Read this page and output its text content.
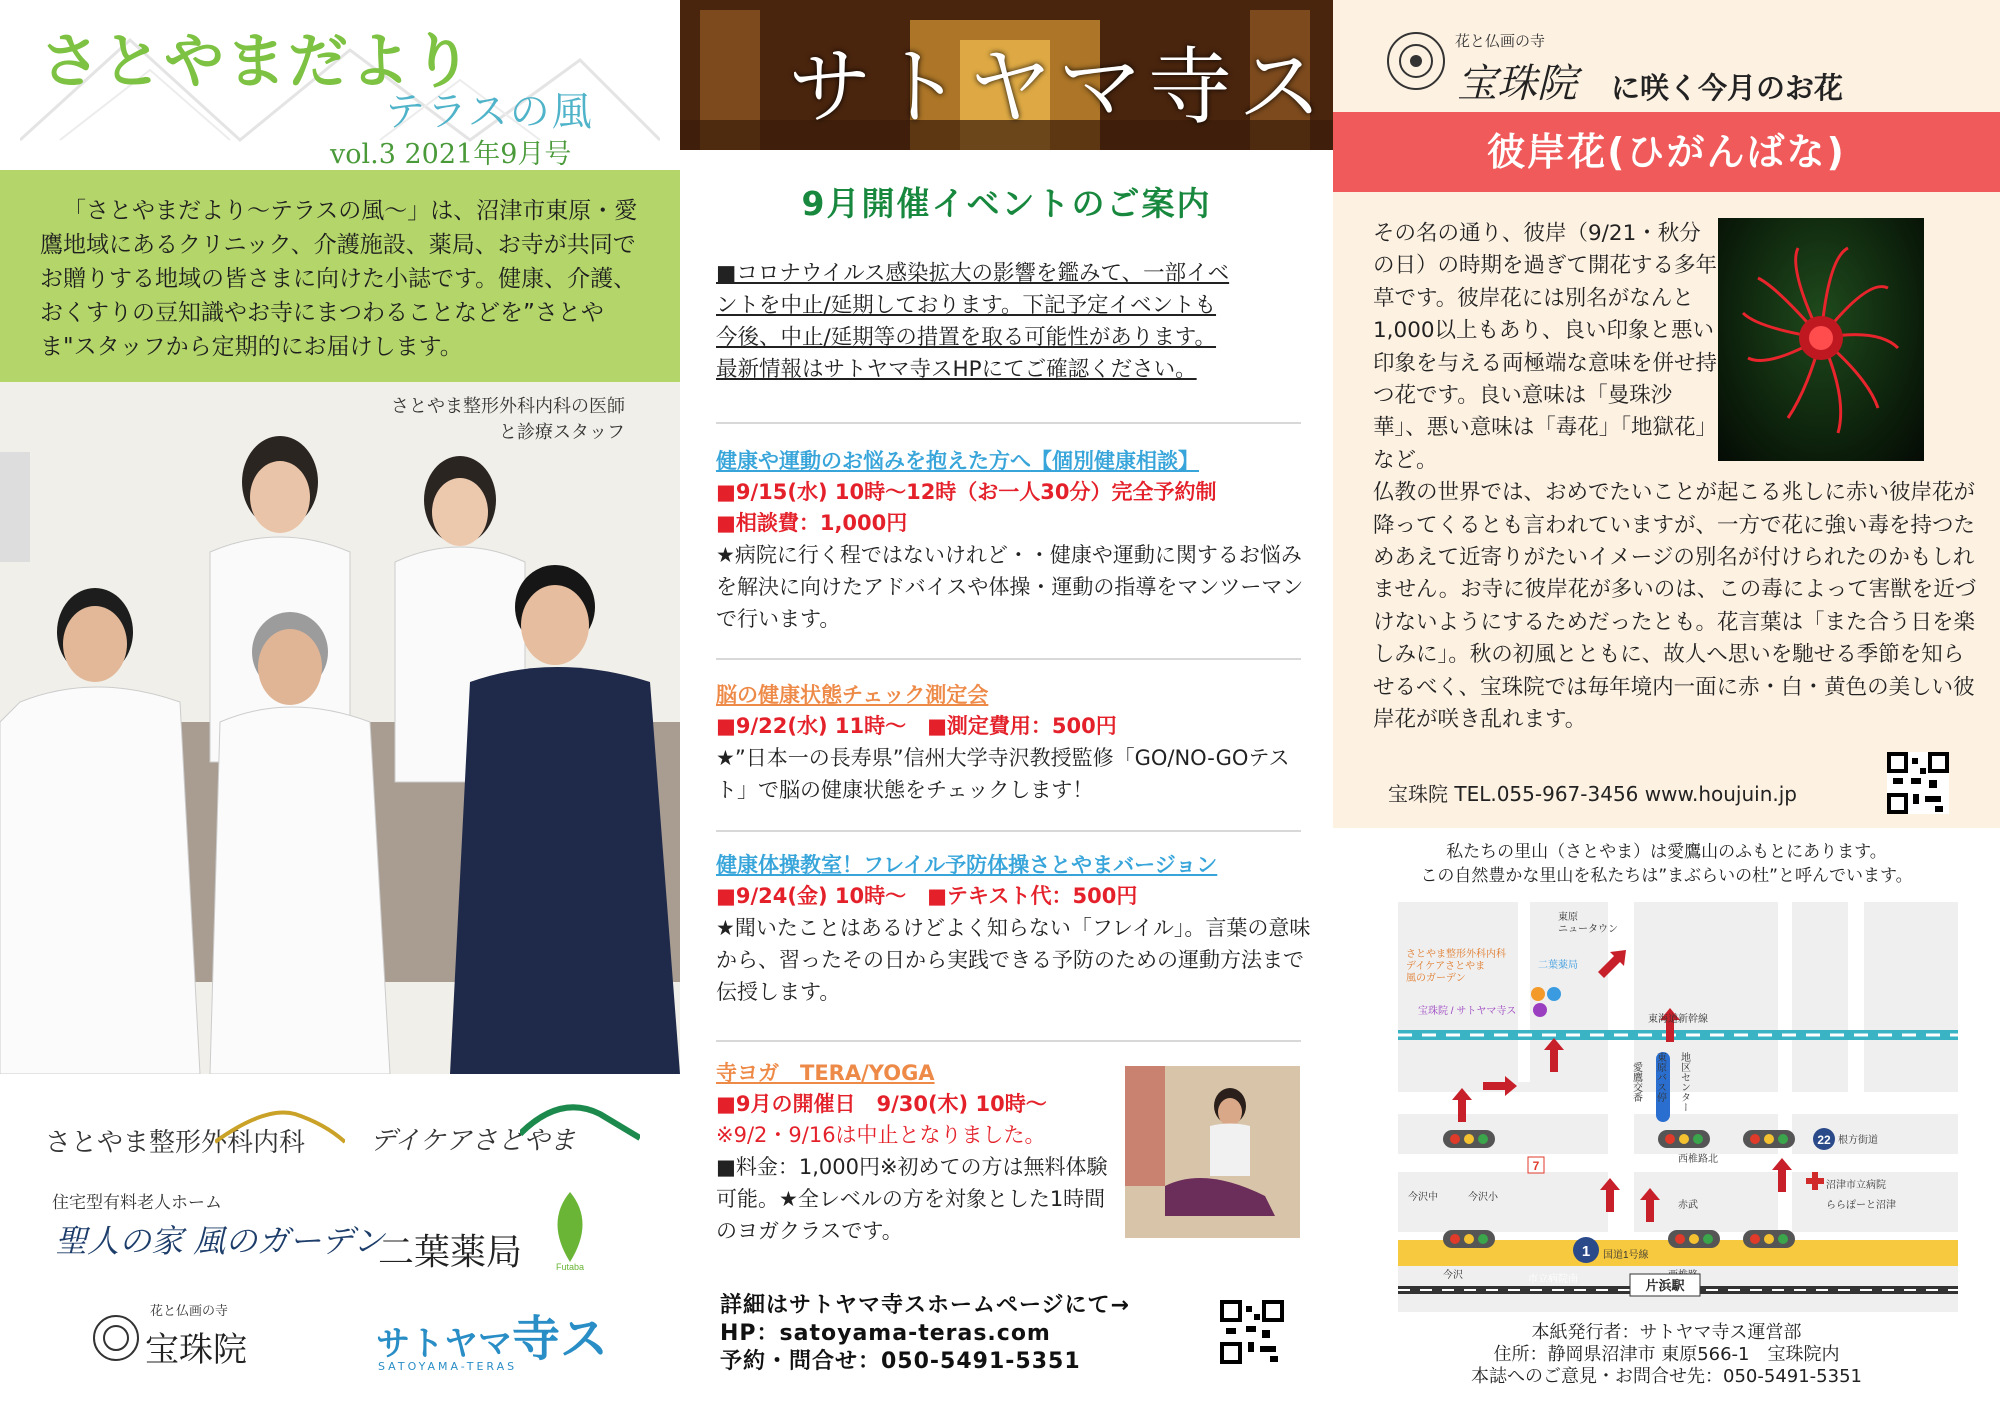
さとやまだより
テラスの風
vol.3 2021年9月号

「さとやまだより〜テラスの風〜」は、沼津市東原・愛鷹地域にあるクリニック、介護施設、薬局、お寺が共同でお贈りする地域の皆さまに向けた小誌です。健康、介護、おくすりの豆知識やお寺にまつわることなどを”さとやま"スタッフから定期的にお届けします。

さとやま整形外科内科の医師
と診療スタッフ
さとやま整形外科内科 デイケアさとやま
住宅型有料老人ホーム
聖人の家 風のガーデン
二葉薬局	Futaba
花と仏画の寺
宝珠院	サトヤマ寺ス
SATOYAMA-TERAS
サトヤマ寺ス
9月開催イベントのご案内
■コロナウイルス感染拡大の影響を鑑みて、一部イベ
ントを中止/延期しております。下記予定イベントも
今後、中止/延期等の措置を取る可能性があります。
最新情報はサトヤマ寺スHPにてご確認ください。
健康や運動のお悩みを抱えた方へ【個別健康相談】
■9/15(水) 10時〜12時（お一人30分）完全予約制
■相談費：1,000円
★病院に行く程ではないけれど・・健康や運動に関するお悩みを解決に向けたアドバイスや体操・運動の指導をマンツーマンで行います。
脳の健康状態チェック測定会
■9/22(水) 11時〜　■測定費用：500円
★”日本一の長寿県”信州大学寺沢教授監修「GO/NO-GOテスト」で脳の健康状態をチェックします！
健康体操教室！フレイル予防体操さとやまバージョン
■9/24(金) 10時〜　■テキスト代：500円
★聞いたことはあるけどよく知らない「フレイル」。言葉の意味から、習ったその日から実践できる予防のための運動方法まで伝授します。
寺ヨガ　TERA/YOGA
■9月の開催日　9/30(木) 10時〜
※9/2・9/16は中止となりました。
■料金：1,000円※初めての方は無料体験可能。★全レベルの方を対象とした1時間のヨガクラスです。
詳細はサトヤマ寺スホームページにて→
HP：satoyama-teras.com
予約・問合せ：050-5491-5351
花と仏画の寺
宝珠院 に咲く今月のお花
彼岸花(ひがんばな)
その名の通り、彼岸（9/21・秋分の日）の時期を過ぎて開花する多年草です。彼岸花には別名がなんと1,000以上もあり、良い印象と悪い印象を与える両極端な意味を併せ持つ花です。良い意味は「曼珠沙華」、悪い意味は「毒花」「地獄花」など。
仏教の世界では、おめでたいことが起こる兆しに赤い彼岸花が降ってくるとも言われていますが、一方で花に強い毒を持つためあえて近寄りがたいイメージの別名が付けられたのかもしれません。お寺に彼岸花が多いのは、この毒によって害獣を近づけないようにするためだったとも。花言葉は「また合う日を楽しみに」。秋の初風とともに、故人へ思いを馳せる季節を知らせるべく、宝珠院では毎年境内一面に赤・白・黄色の美しい彼岸花が咲き乱れます。
宝珠院 TEL.055-967-3456 www.houjuin.jp
私たちの里山（さとやま）は愛鷹山のふもとにあります。
この自然豊かな里山を私たちは”まぶらいの杜”と呼んでいます。
22
1
市立病院南
7
東原
ニュータウン
さとやま整形外科内科
デイケアさとやま
風のガーデン
二葉薬局
宝珠院 / サトヤマ寺ス
東海道新幹線
根方街道
西椎路北
今沢中	今沢小
赤武
沼津市立病院
ららぽーと沼津
国道1号線
今沢
東原バス停 地区センター
愛鷹交番
片浜駅
本紙発行者：サトヤマ寺ス運営部
住所：静岡県沼津市 東原566-1　宝珠院内
本誌へのご意見・お問合せ先：050-5491-5351
